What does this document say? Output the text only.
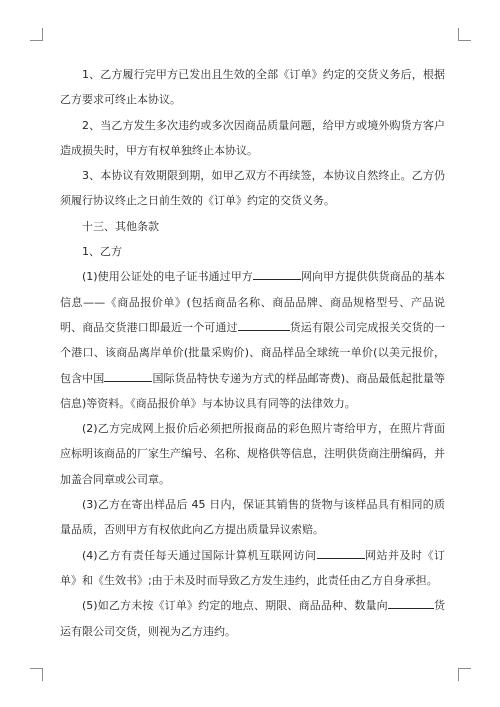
1、乙方履行完甲方已发出且生效的全部《订单》约定的交货义务后，根据乙方要求可终止本协议。

2、当乙方发生多次违约或多次因商品质量问题，给甲方或境外购货方客户造成损失时，甲方有权单独终止本协议。

3、本协议有效期限到期，如甲乙双方不再续签，本协议自然终止。乙方仍须履行协议终止之日前生效的《订单》约定的交货义务。

十三、其他条款

1、乙方

(1)使用公证处的电子证书通过甲方	网向甲方提供供货商品的基本信息——《商品报价单》(包括商品名称、商品品牌、商品规格型号、产品说明、商品交货港口即最近一个可通过	货运有限公司完成报关交货的一个港口、该商品离岸单价(批量采购价)、商品样品全球统一单价(以美元报价，包含中国	国际货品特快专递为方式的样品邮寄费)、商品最低起批量等信息)等资料。《商品报价单》与本协议具有同等的法律效力。

(2)乙方完成网上报价后必须把所报商品的彩色照片寄给甲方，在照片背面应标明该商品的厂家生产编号、名称、规格供等信息，注明供货商注册编码，并加盖合同章或公司章。

(3)乙方在寄出样品后 45 日内，保证其销售的货物与该样品具有相同的质量品质，否则甲方有权依此向乙方提出质量异议索赔。

(4)乙方有责任每天通过国际计算机互联网访问	网站并及时《订单》和《生效书》;由于未及时而导致乙方发生违约，此责任由乙方自身承担。

(5)如乙方未按《订单》约定的地点、期限、商品品种、数量向	货运有限公司交货，则视为乙方违约。
